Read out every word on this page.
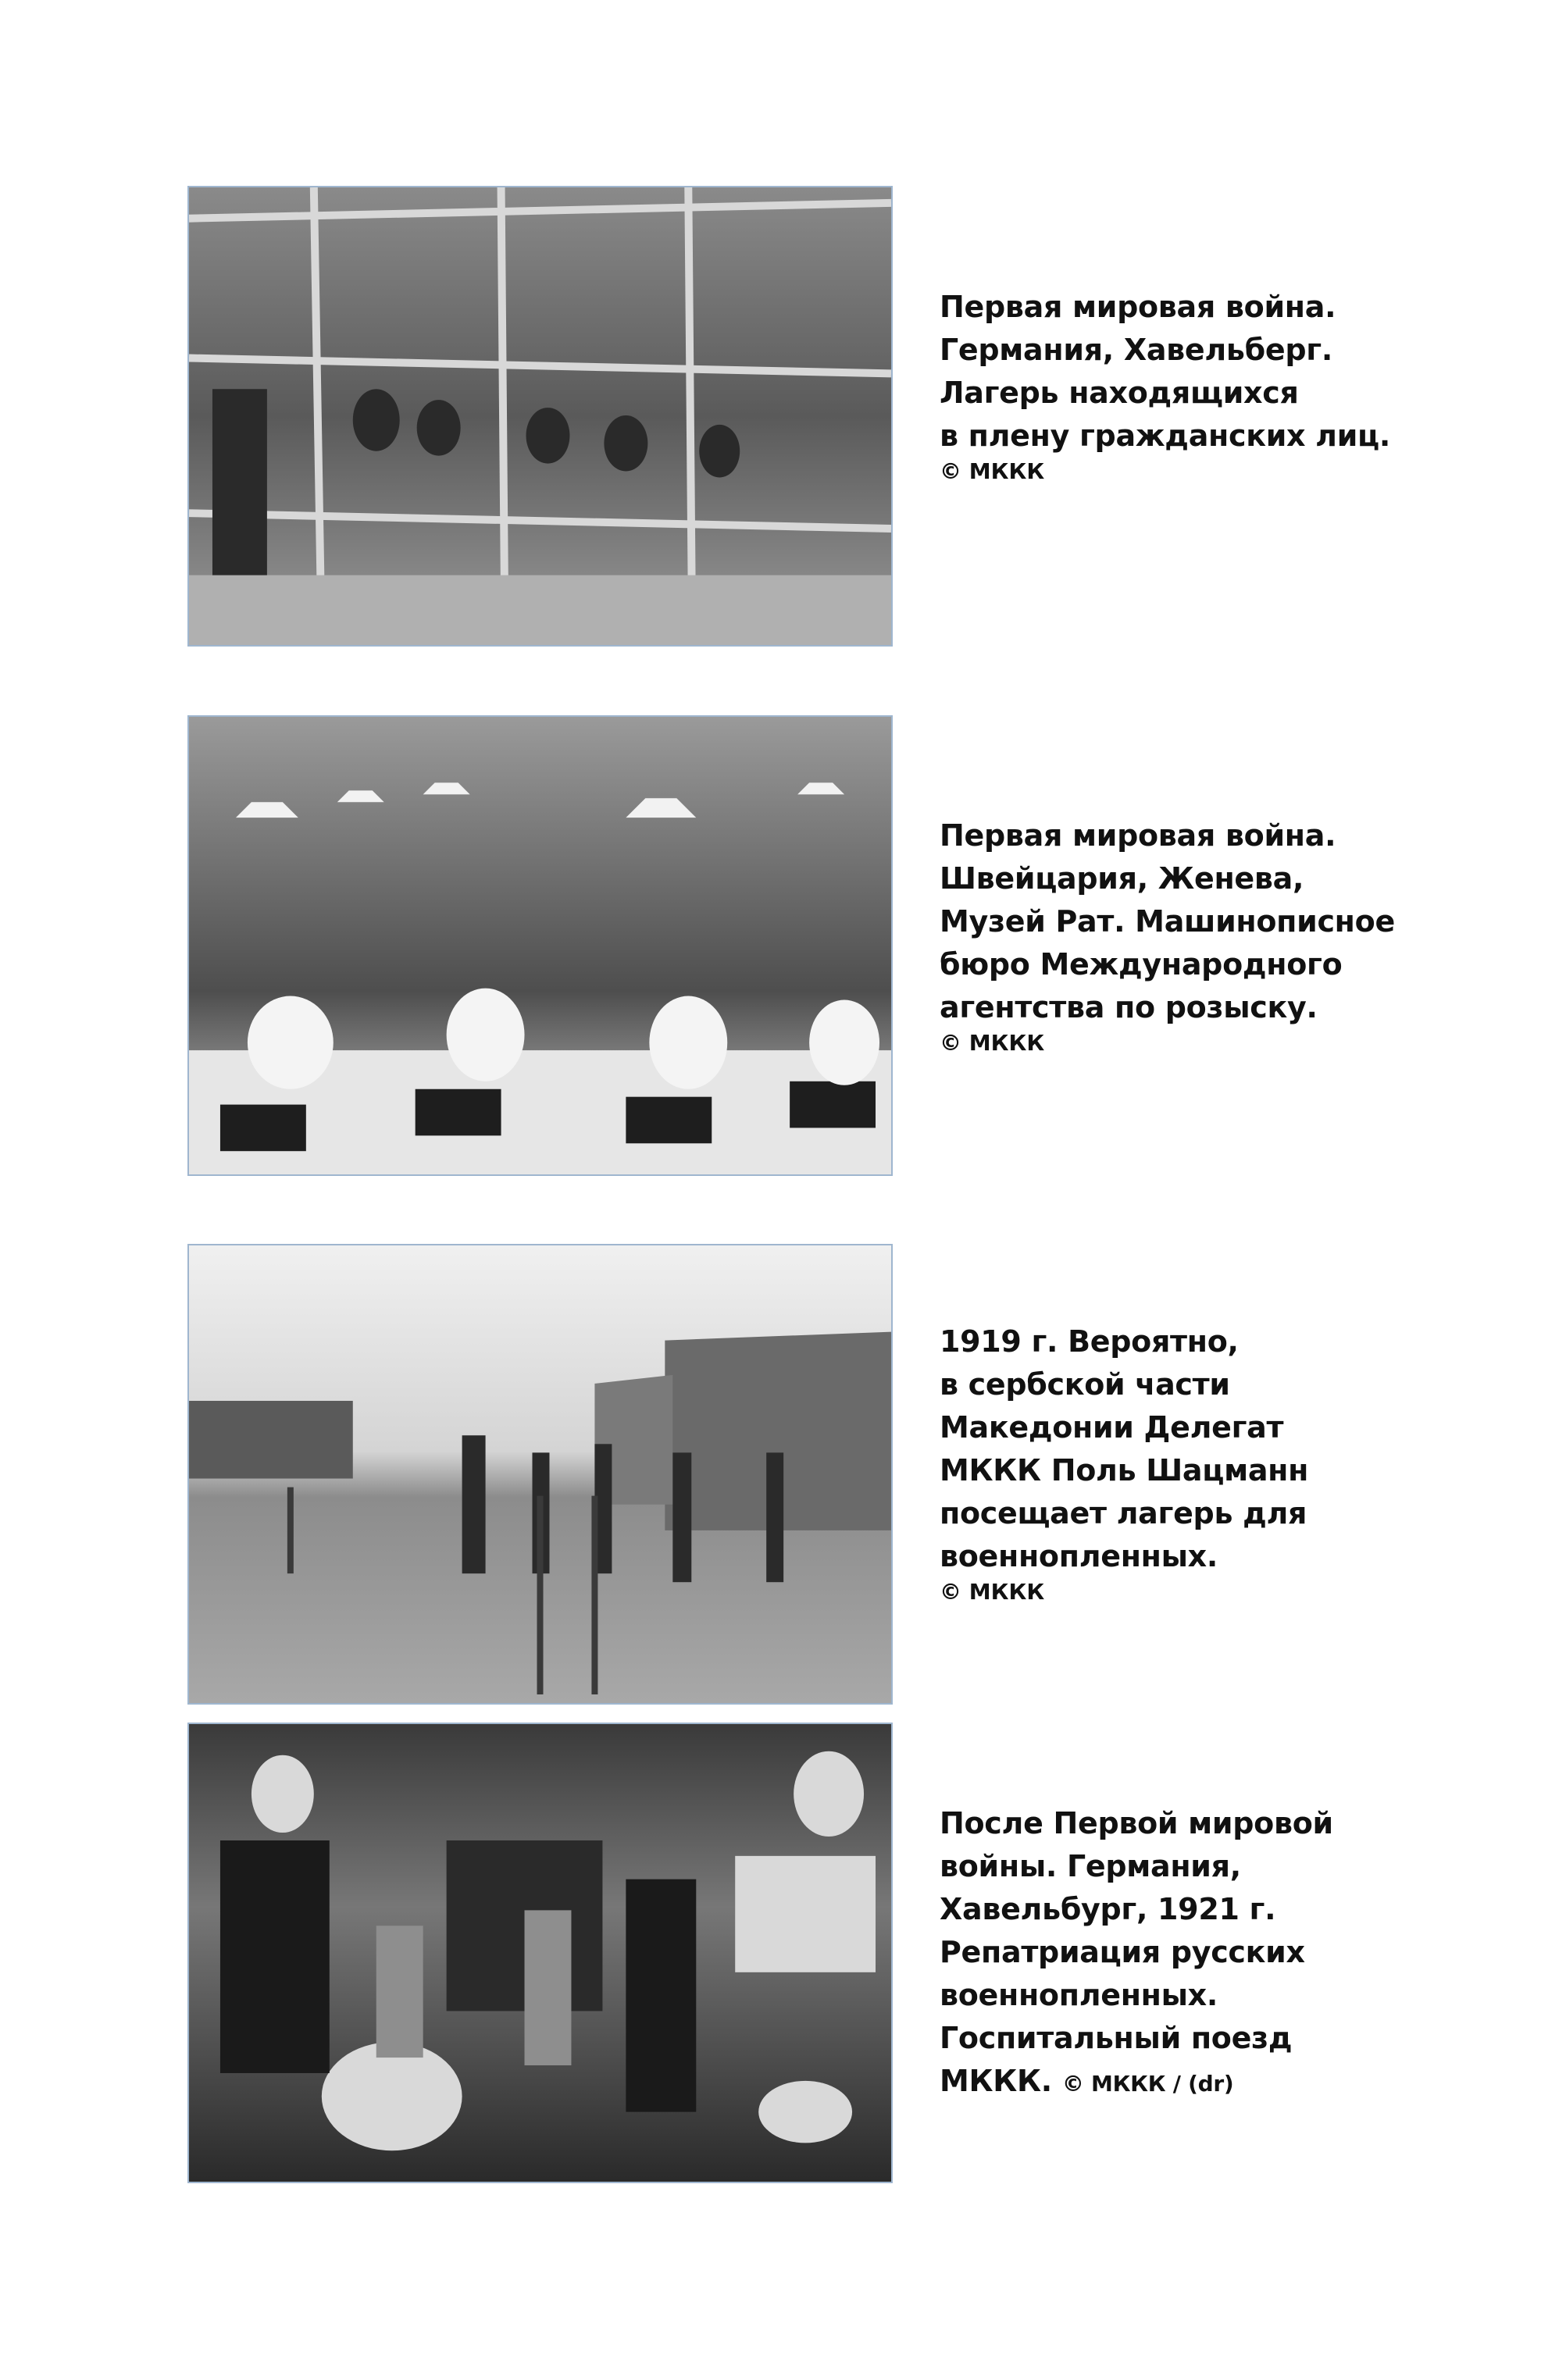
Первая мировая война.
Германия, Хавельберг.
Лагерь находящихся
в плену гражданских лиц.
© МККК
Первая мировая война.
Швейцария, Женева,
Музей Рат. Машинописное
бюро Международного
агентства по розыску.
© МККК
1919 г. Вероятно,
в сербской части
Македонии Делегат
МККК Поль Шацманн
посещает лагерь для
военнопленных.
© МККК
После Первой мировой
войны. Германия,
Хавельбург, 1921 г.
Репатриация русских
военнопленных.
Госпитальный поезд
МККК. © МККК / (dr)
